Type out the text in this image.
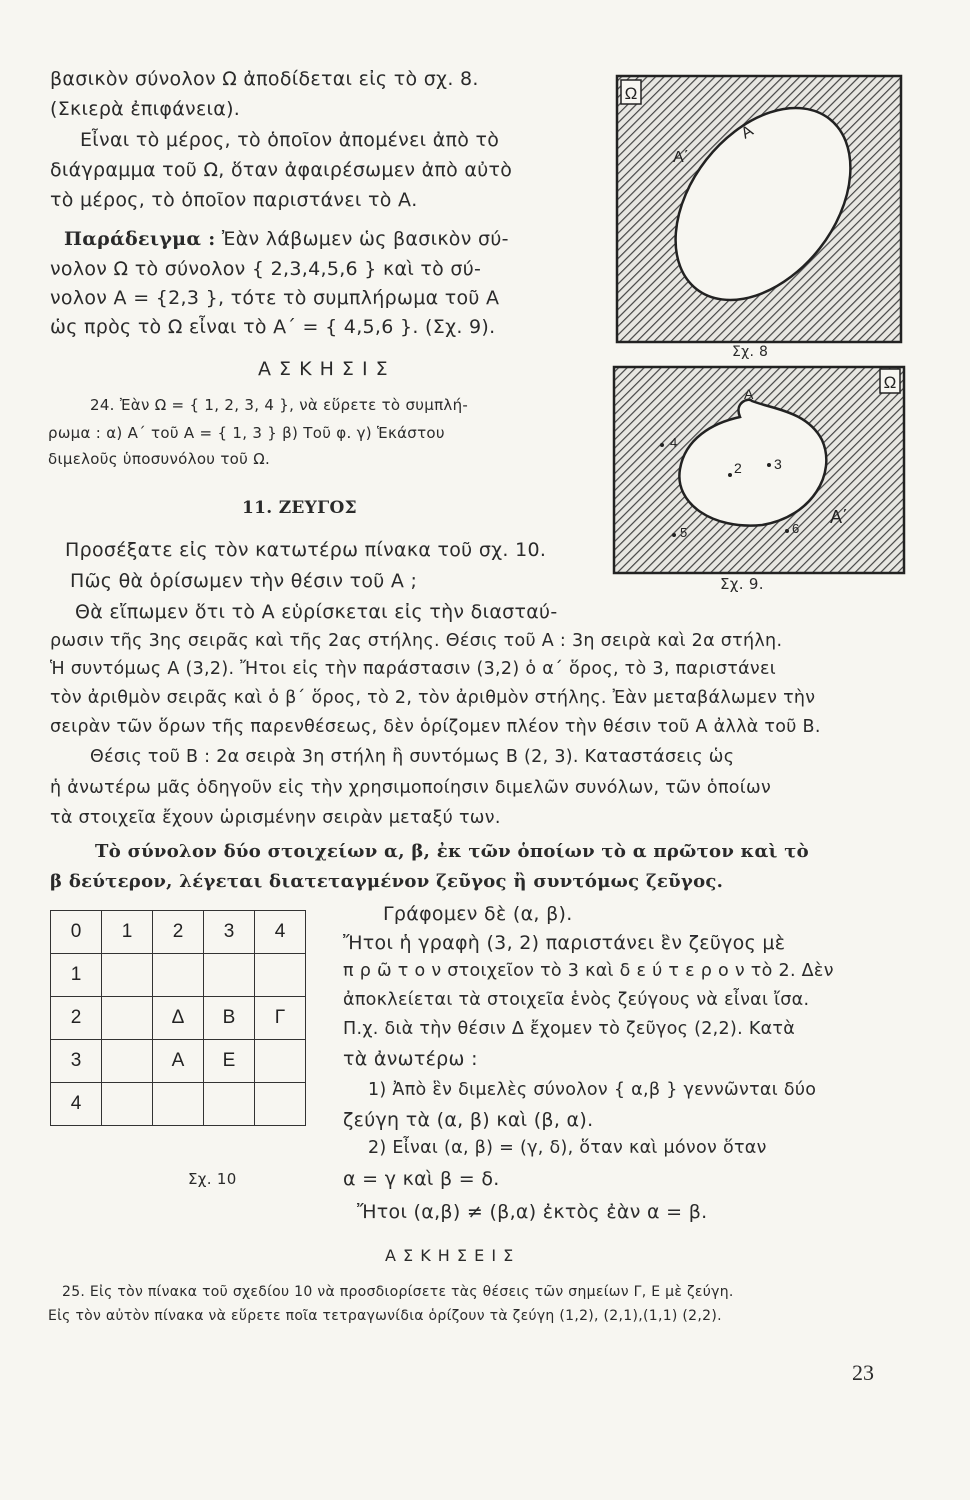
βασικὸν σύνολον Ω ἀποδίδεται εἰς τὸ σχ. 8.
(Σκιερὰ ἐπιφάνεια).
Εἶναι τὸ μέρος, τὸ ὁποῖον ἀπομένει ἀπὸ τὸ
διάγραμμα τοῦ Ω, ὅταν ἀφαιρέσωμεν ἀπὸ αὐτὸ
τὸ μέρος, τὸ ὁποῖον παριστάνει τὸ Α.
Παράδειγμα : Ἐὰν λάβωμεν ὡς βασικὸν σύ-
νολον Ω τὸ σύνολον { 2,3,4,5,6 } καὶ τὸ σύ-
νολον Α = {2,3 }, τότε τὸ συμπλήρωμα τοῦ Α
ὡς πρὸς τὸ Ω εἶναι τὸ Α΄ = { 4,5,6 }. (Σχ. 9).
Α Σ Κ Η Σ Ι Σ
24. Ἐὰν Ω = { 1, 2, 3, 4 }, νὰ εὕρετε τὸ συμπλή-
ρωμα : α) Α΄ τοῦ Α = { 1, 3 } β) Τοῦ φ. γ) Ἑκάστου
διμελοῦς ὑποσυνόλου τοῦ Ω.
11. ΖΕΥΓΟΣ
Προσέξατε εἰς τὸν κατωτέρω πίνακα τοῦ σχ. 10.
Πῶς θὰ ὁρίσωμεν τὴν θέσιν τοῦ Α ;
Θὰ εἴπωμεν ὅτι τὸ Α εὑρίσκεται εἰς τὴν διασταύ-
ρωσιν τῆς 3ης σειρᾶς καὶ τῆς 2ας στήλης. Θέσις τοῦ Α : 3η σειρὰ καὶ 2α στήλη.
Ἡ συντόμως Α (3,2). Ἤτοι εἰς τὴν παράστασιν (3,2) ὁ α΄ ὅρος, τὸ 3, παριστάνει
τὸν ἀριθμὸν σειρᾶς καὶ ὁ β΄ ὅρος, τὸ 2, τὸν ἀριθμὸν στήλης. Ἐὰν μεταβάλωμεν τὴν
σειρὰν τῶν ὅρων τῆς παρενθέσεως, δὲν ὁρίζομεν πλέον τὴν θέσιν τοῦ Α ἀλλὰ τοῦ Β.
Θέσις τοῦ Β : 2α σειρὰ 3η στήλη ἢ συντόμως Β (2, 3). Καταστάσεις ὡς
ἡ ἀνωτέρω μᾶς ὁδηγοῦν εἰς τὴν χρησιμοποίησιν διμελῶν συνόλων, τῶν ὁποίων
τὰ στοιχεῖα ἔχουν ὡρισμένην σειρὰν μεταξύ των.
Τὸ σύνολον δύο στοιχείων α, β, ἐκ τῶν ὁποίων τὸ α πρῶτον καὶ τὸ
β δεύτερον, λέγεται διατεταγμένον ζεῦγος ἢ συντόμως ζεῦγος.
Γράφομεν δὲ (α, β).
Ἤτοι ἡ γραφὴ (3, 2) παριστάνει ἓν ζεῦγος μὲ
π ρ ῶ τ ο ν στοιχεῖον τὸ 3 καὶ δ ε ύ τ ε ρ ο ν τὸ 2. Δὲν
ἀποκλείεται τὰ στοιχεῖα ἑνὸς ζεύγους νὰ εἶναι ἴσα.
Π.χ. διὰ τὴν θέσιν Δ ἔχομεν τὸ ζεῦγος (2,2). Κατὰ
τὰ ἀνωτέρω :
1) Ἀπὸ ἓν διμελὲς σύνολον { α,β } γεννῶνται δύο
ζεύγη τὰ (α, β) καὶ (β, α).
2) Εἶναι (α, β) = (γ, δ), ὅταν καὶ μόνον ὅταν
α = γ καὶ β = δ.
Ἤτοι (α,β) ≠ (β,α) ἐκτὸς ἐὰν α = β.
Α Σ Κ Η Σ Ε Ι Σ
25. Εἰς τὸν πίνακα τοῦ σχεδίου 10 νὰ προσδιορίσετε τὰς θέσεις τῶν σημείων Γ, Ε μὲ ζεύγη.
Εἰς τὸν αὐτὸν πίνακα νὰ εὕρετε ποῖα τετραγωνίδια ὁρίζουν τὰ ζεύγη (1,2), (2,1),(1,1) (2,2).
23
Ω
Α
Α΄
Σχ. 8
Ω
Α
Α΄
2 3
4
5	6
Σχ. 9.
0	1	2	3	4
1				
2		Δ	Β	Γ
3		Α	Ε	
4				
Σχ. 10
